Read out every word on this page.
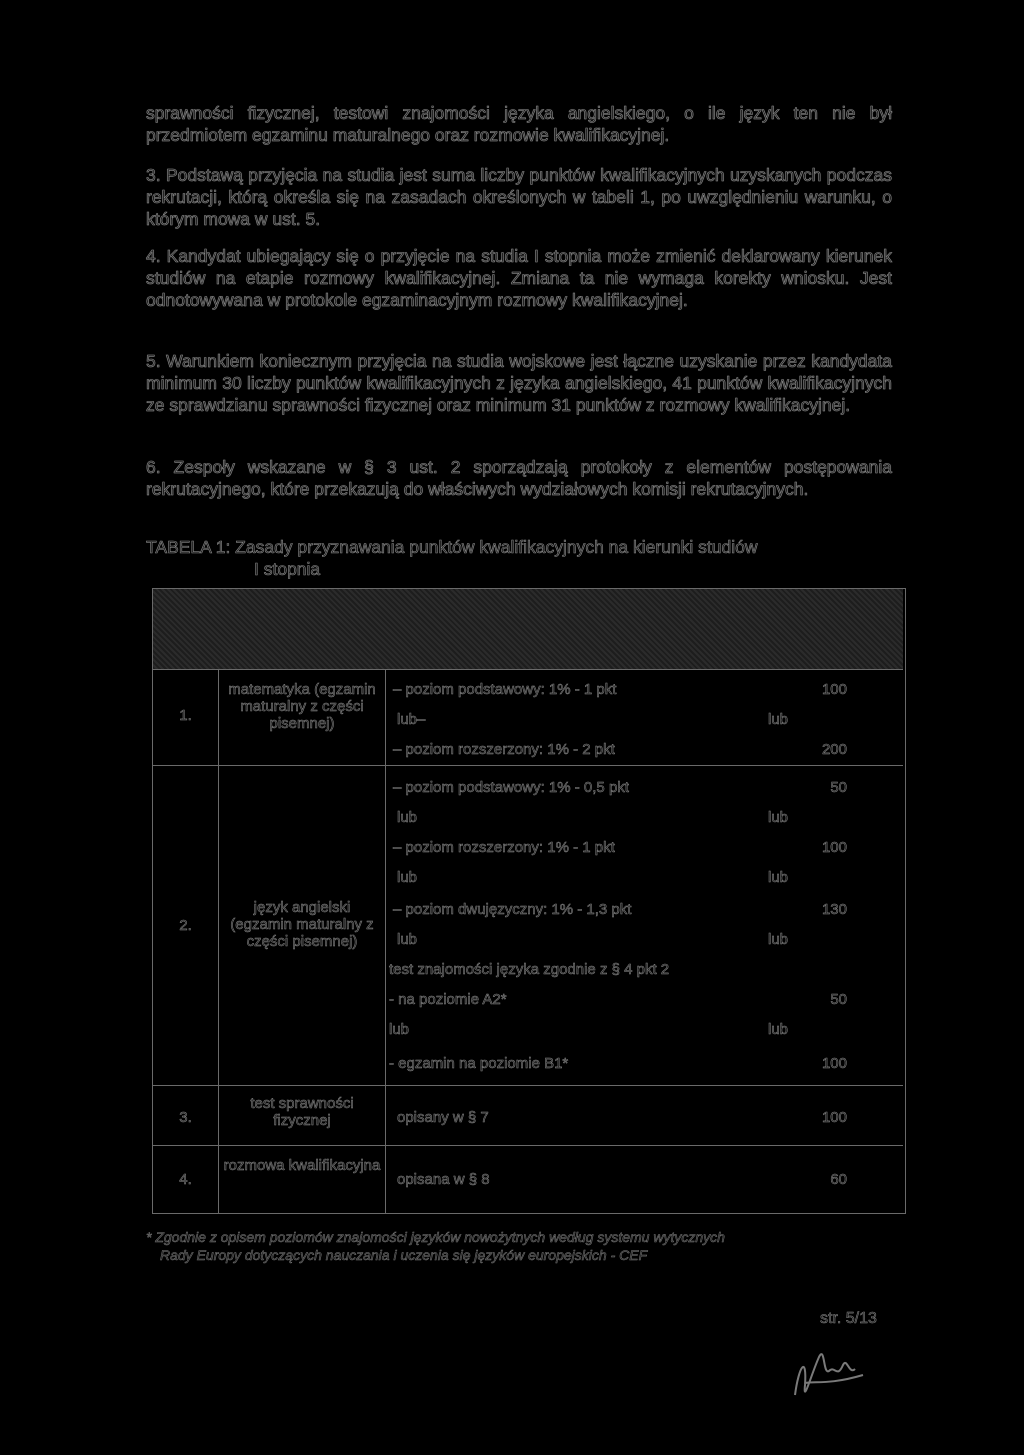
sprawności fizycznej, testowi znajomości języka angielskiego, o ile język ten nie był przedmiotem egzaminu maturalnego oraz rozmowie kwalifikacyjnej.
3. Podstawą przyjęcia na studia jest suma liczby punktów kwalifikacyjnych uzyskanych podczas rekrutacji, którą określa się na zasadach określonych w tabeli 1, po uwzględnieniu warunku, o którym mowa w ust. 5.
4. Kandydat ubiegający się o przyjęcie na studia I stopnia może zmienić deklarowany kierunek studiów na etapie rozmowy kwalifikacyjnej. Zmiana ta nie wymaga korekty wniosku. Jest odnotowywana w protokole egzaminacyjnym rozmowy kwalifikacyjnej.
5. Warunkiem koniecznym przyjęcia na studia wojskowe jest łączne uzyskanie przez kandydata minimum 30 liczby punktów kwalifikacyjnych z języka angielskiego, 41 punktów kwalifikacyjnych ze sprawdzianu sprawności fizycznej oraz minimum 31 punktów z rozmowy kwalifikacyjnej.
6. Zespoły wskazane w § 3 ust. 2 sporządzają protokoły z elementów postępowania rekrutacyjnego, które przekazują do właściwych wydziałowych komisji rekrutacyjnych.
TABELA 1: Zasady przyznawania punktów kwalifikacyjnych na kierunki studiów
I stopnia
1.
matematyka (egzamin maturalny z części pisemnej)
– poziom podstawowy: 1% - 1 pkt	100
lub–	lub
– poziom rozszerzony: 1% - 2 pkt	200
2.
język angielski (egzamin maturalny z części pisemnej)
– poziom podstawowy: 1% - 0,5 pkt	50
lub	lub
– poziom rozszerzony: 1% - 1 pkt	100
lub	lub
– poziom dwujęzyczny: 1% - 1,3 pkt	130
lub	lub
test znajomości języka zgodnie z § 4 pkt 2
- na poziomie A2*	50
lub	lub
- egzamin na poziomie B1*	100
3.
test sprawności fizycznej	opisany w § 7	100
4.
rozmowa kwalifikacyjna
opisana w § 8	60
* Zgodnie z opisem poziomów znajomości języków nowożytnych według systemu wytycznych
Rady Europy dotyczących nauczania i uczenia się języków europejskich - CEF
str. 5/13
